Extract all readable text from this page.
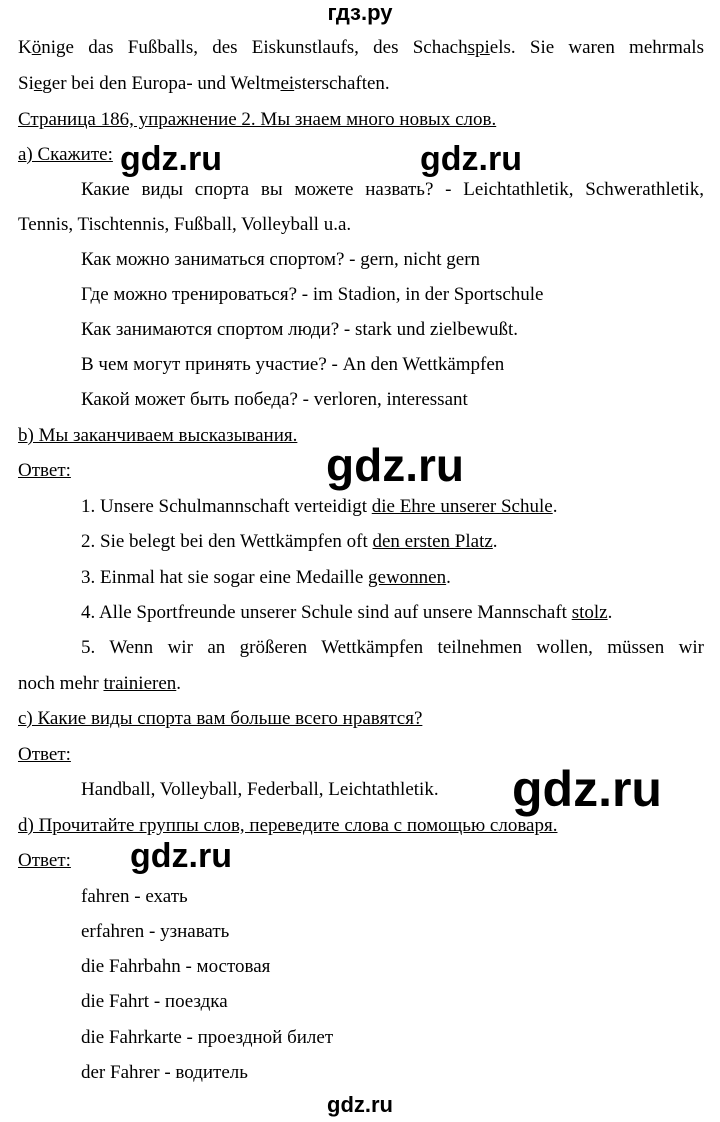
гдз.ру
Könige das Fußballs, des Eiskunstlaufs, des Schachspiels. Sie waren mehrmals
Sieger bei den Europa- und Weltmeisterschaften.
Страница 186, упражнение 2. Мы знаем много новых слов.
а) Скажите:
Какие виды спорта вы можете назвать? - Leichtathletik, Schwerathletik,
Tennis, Tischtennis, Fußball, Volleyball u.a.
Как можно заниматься спортом? - gern, nicht gern
Где можно тренироваться? - im Stadion, in der Sportschule
Как занимаются спортом люди? - stark und zielbewußt.
В чем могут принять участие? - An den Wettkämpfen
Какой может быть победа? - verloren, interessant
b) Мы заканчиваем высказывания.
Ответ:
1. Unsere Schulmannschaft verteidigt die Ehre unserer Schule.
2. Sie belegt bei den Wettkämpfen oft den ersten Platz.
3. Einmal hat sie sogar eine Medaille gewonnen.
4. Alle Sportfreunde unserer Schule sind auf unsere Mannschaft stolz.
5. Wenn wir an größeren Wettkämpfen teilnehmen wollen, müssen wir
noch mehr trainieren.
с) Какие виды спорта вам больше всего нравятся?
Ответ:
Handball, Volleyball, Federball, Leichtathletik.
d) Прочитайте группы слов, переведите слова с помощью словаря.
Ответ:
fahren - ехать
erfahren - узнавать
die Fahrbahn - мостовая
die Fahrt - поездка
die Fahrkarte - проездной билет
der Fahrer - водитель
gdz.ru	gdz.ru
gdz.ru
gdz.ru
gdz.ru
gdz.ru
